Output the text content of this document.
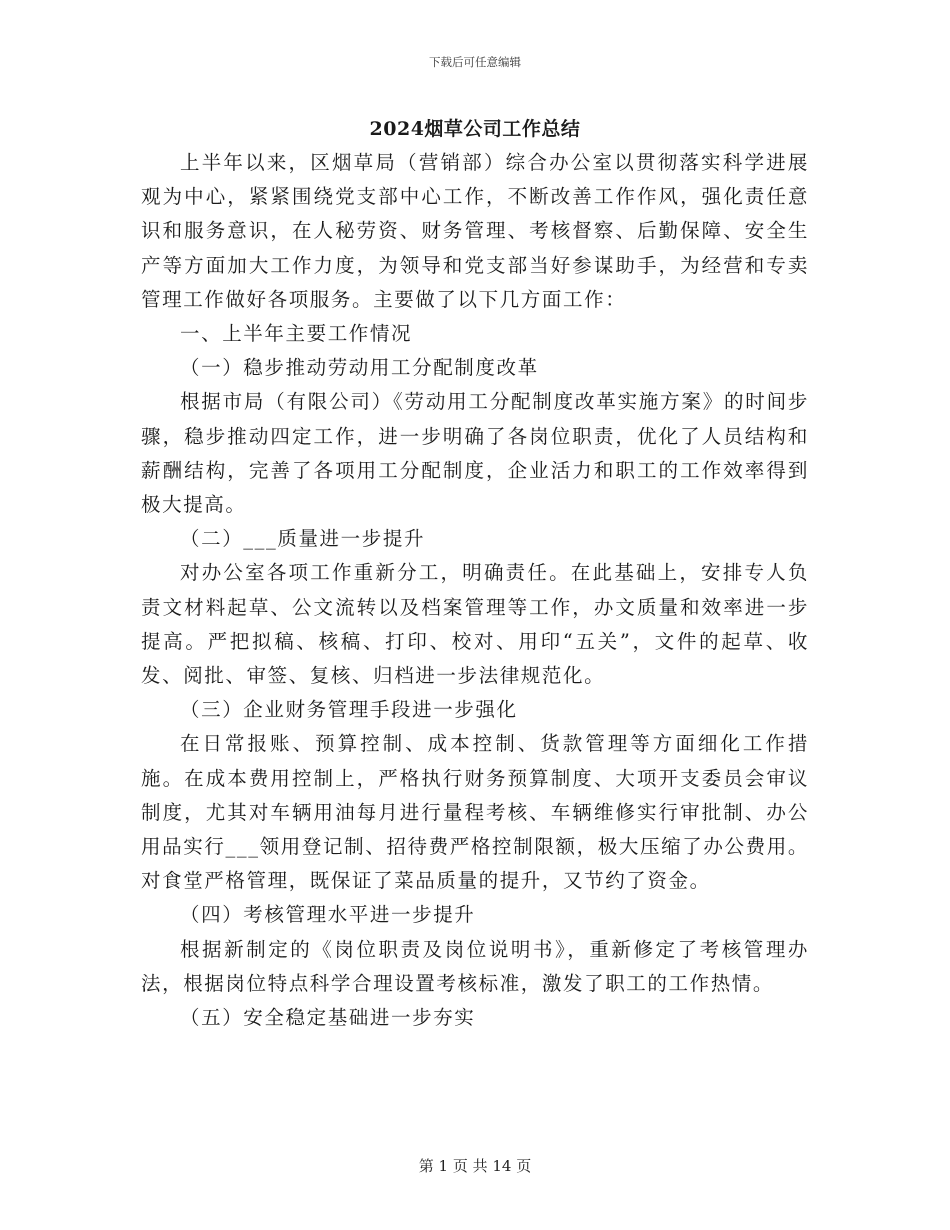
下载后可任意编辑
2024烟草公司工作总结

上半年以来，区烟草局（营销部）综合办公室以贯彻落实科学进展观为中心，紧紧围绕党支部中心工作，不断改善工作作风，强化责任意识和服务意识，在人秘劳资、财务管理、考核督察、后勤保障、安全生产等方面加大工作力度，为领导和党支部当好参谋助手，为经营和专卖管理工作做好各项服务。主要做了以下几方面工作：

一、上半年主要工作情况

（一）稳步推动劳动用工分配制度改革

根据市局（有限公司）《劳动用工分配制度改革实施方案》的时间步骤，稳步推动四定工作，进一步明确了各岗位职责，优化了人员结构和薪酬结构，完善了各项用工分配制度，企业活力和职工的工作效率得到极大提高。

（二）___质量进一步提升

对办公室各项工作重新分工，明确责任。在此基础上，安排专人负责文材料起草、公文流转以及档案管理等工作，办文质量和效率进一步提高。严把拟稿、核稿、打印、校对、用印“五关”，文件的起草、收发、阅批、审签、复核、归档进一步法律规范化。

（三）企业财务管理手段进一步强化

在日常报账、预算控制、成本控制、货款管理等方面细化工作措施。在成本费用控制上，严格执行财务预算制度、大项开支委员会审议制度，尤其对车辆用油每月进行量程考核、车辆维修实行审批制、办公用品实行___领用登记制、招待费严格控制限额，极大压缩了办公费用。对食堂严格管理，既保证了菜品质量的提升，又节约了资金。

（四）考核管理水平进一步提升

根据新制定的《岗位职责及岗位说明书》，重新修定了考核管理办法，根据岗位特点科学合理设置考核标准，激发了职工的工作热情。

（五）安全稳定基础进一步夯实

第 1 页 共 14 页
